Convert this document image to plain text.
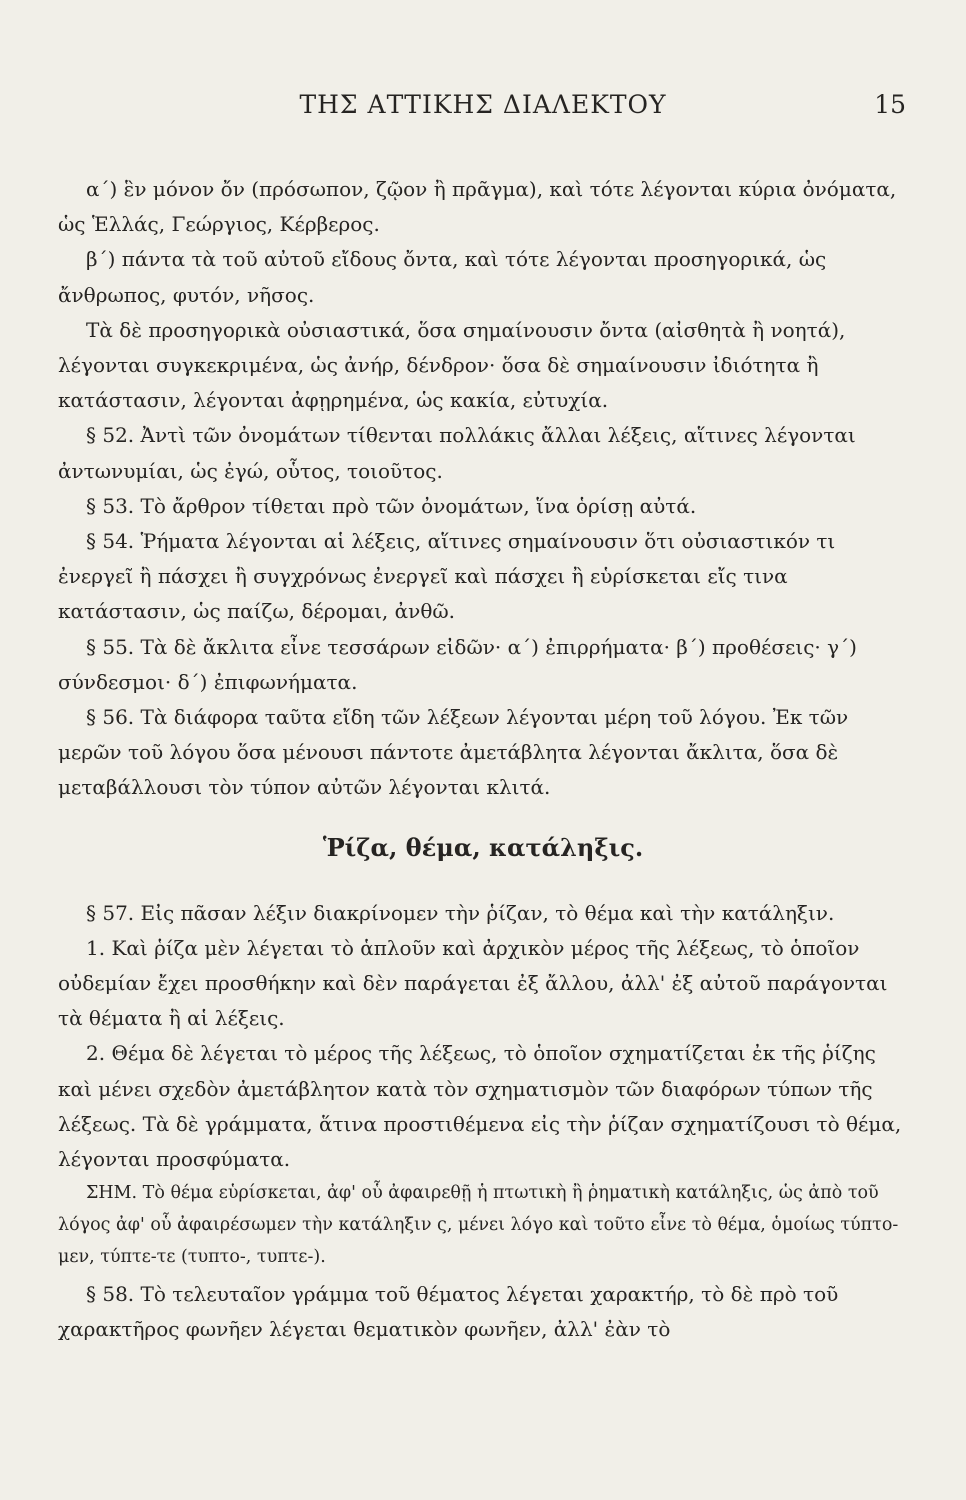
ΤΗΣ ΑΤΤΙΚΗΣ ΔΙΑΛΕΚΤΟΥ	15

α΄) ἓν μόνον ὄν (πρόσωπον, ζῷον ἢ πρᾶγμα), καὶ τότε λέγονται κύρια ὀνόματα, ὡς Ἑλλάς, Γεώργιος, Κέρβερος.

β΄) πάντα τὰ τοῦ αὐτοῦ εἴδους ὄντα, καὶ τότε λέγονται προσηγορικά, ὡς ἄνθρωπος, φυτόν, νῆσος.

Τὰ δὲ προσηγορικὰ οὐσιαστικά, ὅσα σημαίνουσιν ὄντα (αἰσθητὰ ἢ νοητά), λέγονται συγκεκριμένα, ὡς ἀνήρ, δένδρον· ὅσα δὲ σημαίνουσιν ἰδιότητα ἢ κατάστασιν, λέγονται ἀφῃρημένα, ὡς κακία, εὐτυχία.

§ 52. Ἀντὶ τῶν ὀνομάτων τίθενται πολλάκις ἄλλαι λέξεις, αἵτινες λέγονται ἀντωνυμίαι, ὡς ἐγώ, οὗτος, τοιοῦτος.

§ 53. Τὸ ἄρθρον τίθεται πρὸ τῶν ὀνομάτων, ἵνα ὁρίσῃ αὐτά.

§ 54. Ῥήματα λέγονται αἱ λέξεις, αἵτινες σημαίνουσιν ὅτι οὐσιαστικόν τι ἐνεργεῖ ἢ πάσχει ἢ συγχρόνως ἐνεργεῖ καὶ πάσχει ἢ εὑρίσκεται εἴς τινα κατάστασιν, ὡς παίζω, δέρομαι, ἀνθῶ.

§ 55. Τὰ δὲ ἄκλιτα εἶνε τεσσάρων εἰδῶν· α΄) ἐπιρρήματα· β΄) προθέσεις· γ΄) σύνδεσμοι· δ΄) ἐπιφωνήματα.

§ 56. Τὰ διάφορα ταῦτα εἴδη τῶν λέξεων λέγονται μέρη τοῦ λόγου. Ἐκ τῶν μερῶν τοῦ λόγου ὅσα μένουσι πάντοτε ἀμετάβλητα λέγονται ἄκλιτα, ὅσα δὲ μεταβάλλουσι τὸν τύπον αὐτῶν λέγονται κλιτά.

Ῥίζα, θέμα, κατάληξις.

§ 57. Εἰς πᾶσαν λέξιν διακρίνομεν τὴν ῥίζαν, τὸ θέμα καὶ τὴν κατάληξιν.

1. Καὶ ῥίζα μὲν λέγεται τὸ ἁπλοῦν καὶ ἀρχικὸν μέρος τῆς λέξεως, τὸ ὁποῖον οὐδεμίαν ἔχει προσθήκην καὶ δὲν παράγεται ἐξ ἄλλου, ἀλλ' ἐξ αὐτοῦ παράγονται τὰ θέματα ἢ αἱ λέξεις.

2. Θέμα δὲ λέγεται τὸ μέρος τῆς λέξεως, τὸ ὁποῖον σχηματίζεται ἐκ τῆς ῥίζης καὶ μένει σχεδὸν ἀμετάβλητον κατὰ τὸν σχηματισμὸν τῶν διαφόρων τύπων τῆς λέξεως. Τὰ δὲ γράμματα, ἅτινα προστιθέμενα εἰς τὴν ῥίζαν σχηματίζουσι τὸ θέμα, λέγονται προσφύματα.

ΣΗΜ. Τὸ θέμα εὑρίσκεται, ἀφ' οὗ ἀφαιρεθῇ ἡ πτωτικὴ ἢ ῥηματικὴ κατάληξις, ὡς ἀπὸ τοῦ λόγος ἀφ' οὗ ἀφαιρέσωμεν τὴν κατάληξιν ς, μένει λόγο καὶ τοῦτο εἶνε τὸ θέμα, ὁμοίως τύπτο-μεν, τύπτε-τε (τυπτο-, τυπτε-).

§ 58. Τὸ τελευταῖον γράμμα τοῦ θέματος λέγεται χαρακτήρ, τὸ δὲ πρὸ τοῦ χαρακτῆρος φωνῆεν λέγεται θεματικὸν φωνῆεν, ἀλλ' ἐὰν τὸ
